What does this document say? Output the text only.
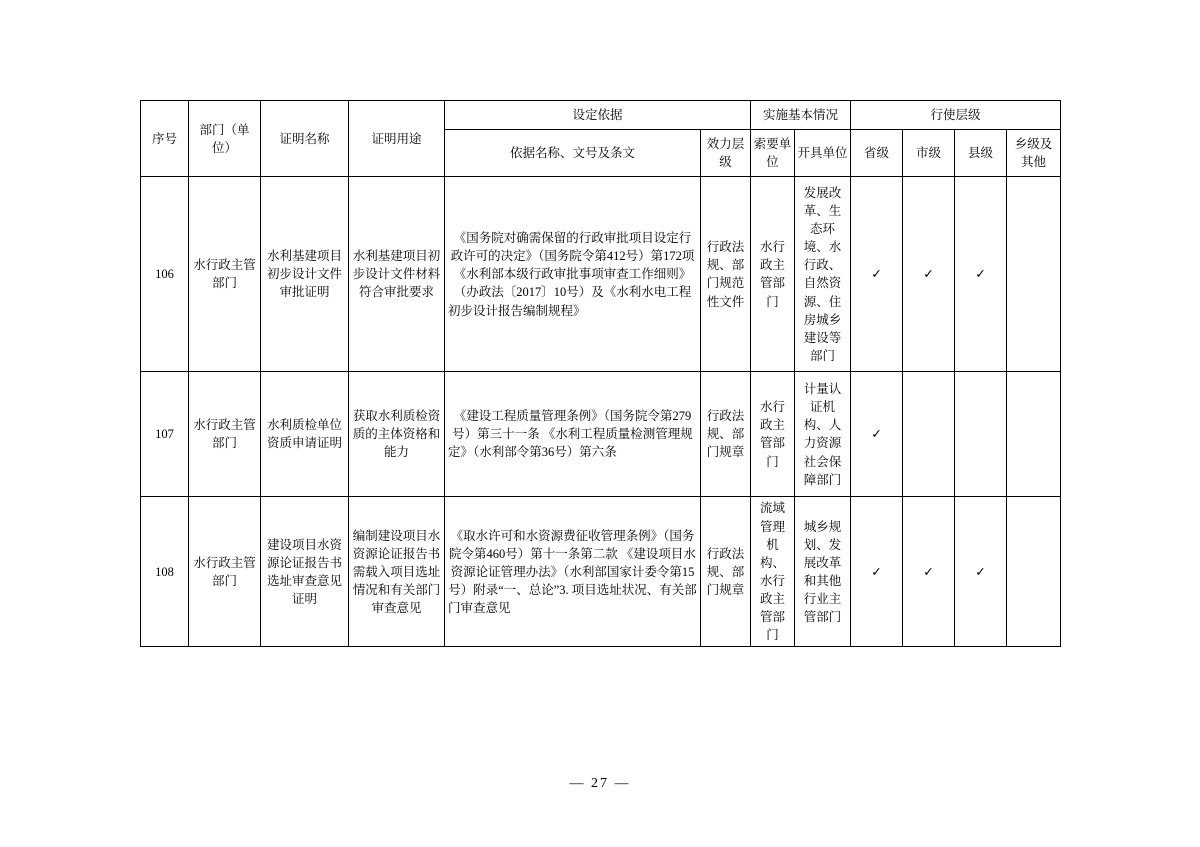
序号	部门（单位）	证明名称	证明用途	设定依据		实施基本情况		行使层级			
				依据名称、文号及条文	效力层级	索要单位	开具单位	省级	市级	县级	乡级及其他
106	水行政主管部门	水利基建项目初步设计文件审批证明	水利基建项目初步设计文件材料符合审批要求	《国务院对确需保留的行政审批项目设定行政许可的决定》（国务院令第412号）第172项 《水利部本级行政审批事项审查工作细则》（办政法〔2017〕10号）及《水利水电工程初步设计报告编制规程》	行政法规、部门规范性文件	水行政主管部门	发展改革、生态环境、水行政、自然资源、住房城乡建设等部门	✓	✓	✓	
107	水行政主管部门	水利质检单位资质申请证明	获取水利质检资质的主体资格和能力	《建设工程质量管理条例》（国务院令第279号）第三十一条 《水利工程质量检测管理规定》（水利部令第36号）第六条	行政法规、部门规章	水行政主管部门	计量认证机构、人力资源社会保障部门	✓			
108	水行政主管部门	建设项目水资源论证报告书选址审查意见证明	编制建设项目水资源论证报告书需载入项目选址情况和有关部门审查意见	《取水许可和水资源费征收管理条例》（国务院令第460号）第十一条第二款 《建设项目水资源论证管理办法》（水利部国家计委令第15号）附录“一、总论”3. 项目选址状况、有关部门审查意见	行政法规、部门规章	流域管理机构、水行政主管部门	城乡规划、发展改革和其他行业主管部门	✓	✓	✓	
— 27 —
